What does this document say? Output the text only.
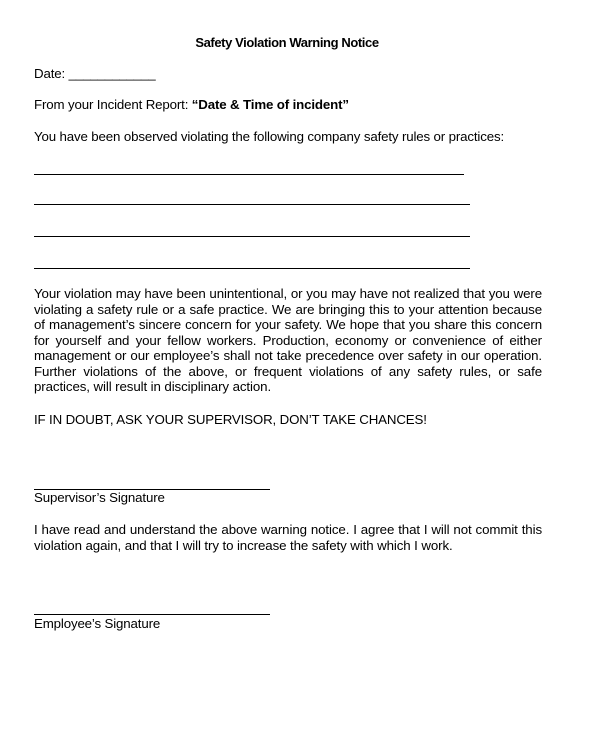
Safety Violation Warning Notice
Date: ____________
From your Incident Report: “Date & Time of incident”
You have been observed violating the following company safety rules or practices:
Your violation may have been unintentional, or you may have not realized that you were violating a safety rule or a safe practice. We are bringing this to your attention because of management’s sincere concern for your safety. We hope that you share this concern for yourself and your fellow workers. Production, economy or convenience of either management or our employee’s shall not take precedence over safety in our operation. Further violations of the above, or frequent violations of any safety rules, or safe practices, will result in disciplinary action.
IF IN DOUBT, ASK YOUR SUPERVISOR, DON’T TAKE CHANCES!
Supervisor’s Signature
I have read and understand the above warning notice. I agree that I will not commit this violation again, and that I will try to increase the safety with which I work.
Employee’s Signature
